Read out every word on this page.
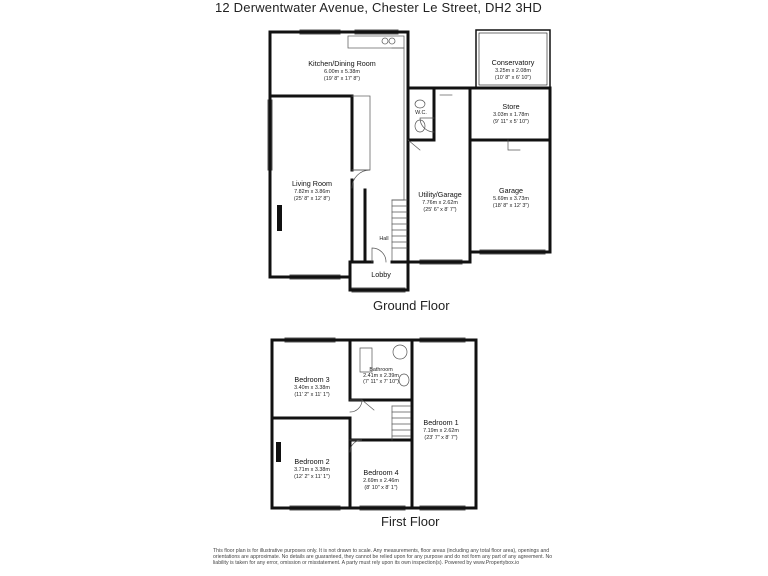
12 Derwentwater Avenue, Chester Le Street, DH2 3HD
Kitchen/Dining Room
6.00m x 5.38m
(19' 8" x 17' 8")
Conservatory
3.25m x 2.08m
(10' 8" x 6' 10")
W.C.
Store
3.03m x 1.78m
(9' 11" x 5' 10")
Living Room
7.82m x 3.86m
(25' 8" x 12' 8")	Utility/Garage
7.76m x 2.62m
(25' 6" x 8' 7")
Garage
5.69m x 3.73m
(18' 8" x 12' 3")
Hall
Lobby
Bathroom
2.41m x 2.39m
(7' 11" x 7' 10")
Bedroom 3
3.40m x 3.38m
(11' 2" x 11' 1")
Bedroom 1
7.19m x 2.62m
(23' 7" x 8' 7")
Bedroom 2
3.71m x 3.38m
(12' 2" x 11' 1")	Bedroom 4
2.69m x 2.46m
(8' 10" x 8' 1")
Ground Floor
First Floor
This floor plan is for illustrative purposes only. It is not drawn to scale. Any measurements, floor areas (including any total floor area), openings and orientations are approximate. No details are guaranteed, they cannot be relied upon for any purpose and do not form any part of any agreement. No liability is taken for any error, omission or misstatement. A party must rely upon its own inspection(s). Powered by www.Propertybox.io
